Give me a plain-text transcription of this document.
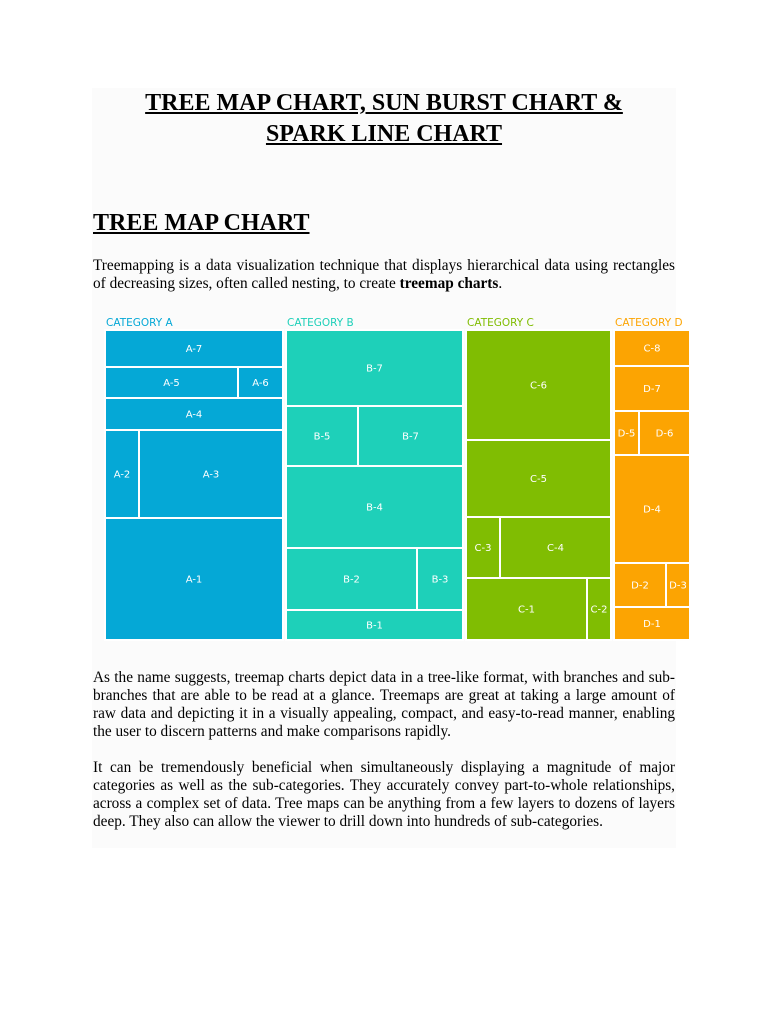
TREE MAP CHART, SUN BURST CHART &
SPARK LINE CHART
TREE MAP CHART

Treemapping is a data visualization technique that displays hierarchical data using rectangles of decreasing sizes, often called nesting, to create treemap charts.

CATEGORY A
A-1
A-2	A-3
A-4
A-5	A-6
A-7
CATEGORY B
B-1
B-2	B-3
B-4
B-5	B-7
B-7
CATEGORY C
C-1	C-2
C-3	C-4
C-5
C-6
CATEGORY D
D-1
D-2 D-3
D-4
D-5 D-6
D-7
C-8

As the name suggests, treemap charts depict data in a tree-like format, with branches and sub-branches that are able to be read at a glance. Treemaps are great at taking a large amount of raw data and depicting it in a visually appealing, compact, and easy-to-read manner, enabling the user to discern patterns and make comparisons rapidly.

It can be tremendously beneficial when simultaneously displaying a magnitude of major categories as well as the sub-categories. They accurately convey part-to-whole relationships, across a complex set of data. Tree maps can be anything from a few layers to dozens of layers deep. They also can allow the viewer to drill down into hundreds of sub-categories.
